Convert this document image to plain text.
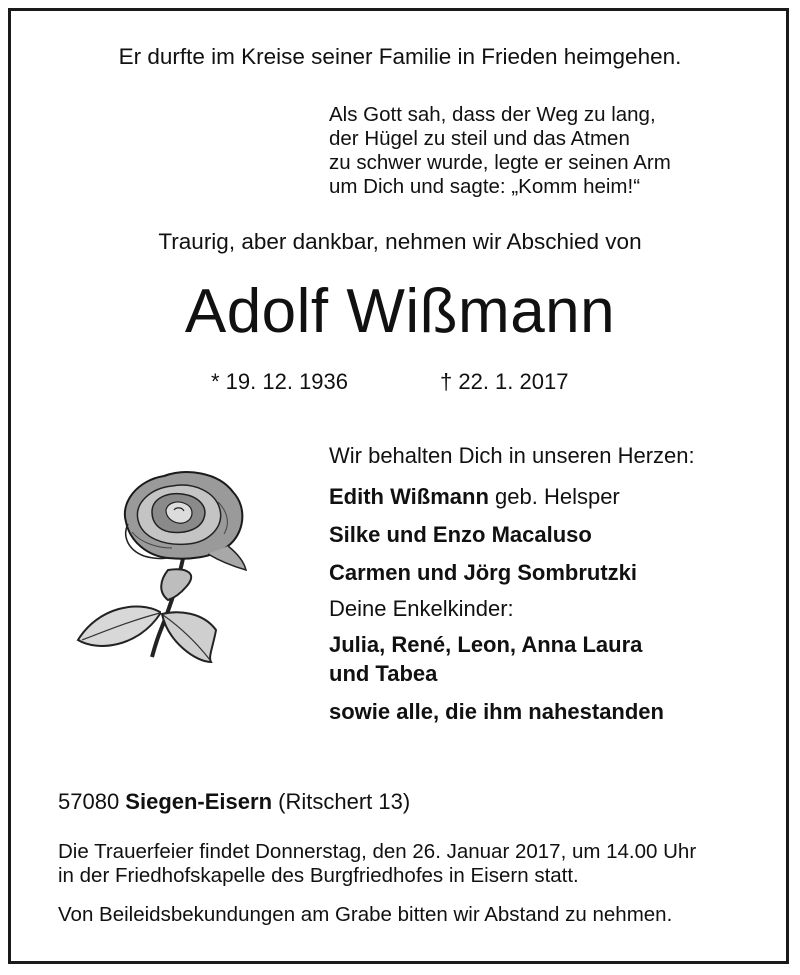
Er durfte im Kreise seiner Familie in Frieden heimgehen.
Als Gott sah, dass der Weg zu lang,
der Hügel zu steil und das Atmen
zu schwer wurde, legte er seinen Arm
um Dich und sagte: „Komm heim!“
Traurig, aber dankbar, nehmen wir Abschied von
Adolf Wißmann
* 19. 12. 1936	† 22. 1. 2017
Wir behalten Dich in unseren Herzen:
Edith Wißmann geb. Helsper
Silke und Enzo Macaluso
Carmen und Jörg Sombrutzki
Deine Enkelkinder:
Julia, René, Leon, Anna Laura
und Tabea
sowie alle, die ihm nahestanden
57080 Siegen-Eisern (Ritschert 13)
Die Trauerfeier findet Donnerstag, den 26. Januar 2017, um 14.00 Uhr
in der Friedhofskapelle des Burgfriedhofes in Eisern statt.
Von Beileidsbekundungen am Grabe bitten wir Abstand zu nehmen.
